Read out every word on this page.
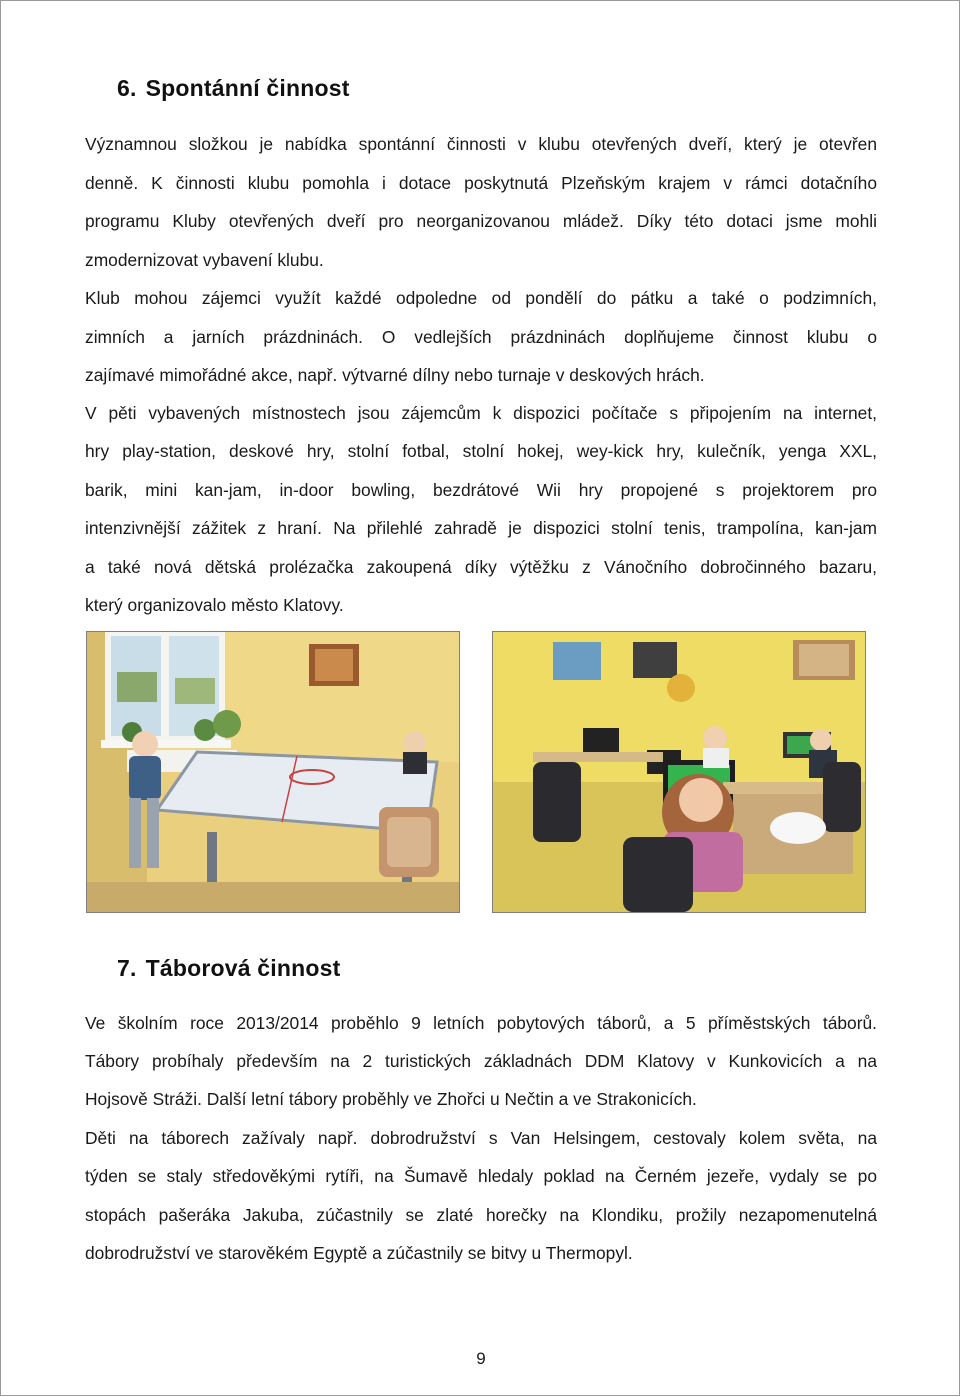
6. Spontánní činnost
Významnou složkou je nabídka spontánní činnosti v klubu otevřených dveří, který je otevřen
denně. K činnosti klubu pomohla i dotace poskytnutá Plzeňským krajem v rámci dotačního
programu Kluby otevřených dveří pro neorganizovanou mládež. Díky této dotaci jsme mohli
zmodernizovat vybavení klubu.
Klub mohou zájemci využít každé odpoledne od pondělí do pátku a také o podzimních,
zimních a jarních prázdninách. O vedlejších prázdninách doplňujeme činnost klubu o
zajímavé mimořádné akce, např. výtvarné dílny nebo turnaje v deskových hrách.
V pěti vybavených místnostech jsou zájemcům k dispozici počítače s připojením na internet,
hry play-station, deskové hry, stolní fotbal, stolní hokej, wey-kick hry, kulečník, yenga XXL,
barik, mini kan-jam, in-door bowling, bezdrátové Wii hry propojené s projektorem pro
intenzivnější zážitek z hraní. Na přilehlé zahradě je dispozici stolní tenis, trampolína, kan-jam
a také nová dětská prolézačka zakoupená díky výtěžku z Vánočního dobročinného bazaru,
který organizovalo město Klatovy.
7. Táborová činnost
Ve školním roce 2013/2014 proběhlo 9 letních pobytových táborů, a 5 příměstských táborů.
Tábory probíhaly především na 2 turistických základnách DDM Klatovy v Kunkovicích a na
Hojsově Stráži. Další letní tábory proběhly ve Zhořci u Nečtin a ve Strakonicích.
Děti na táborech zažívaly např. dobrodružství s Van Helsingem, cestovaly kolem světa, na
týden se staly středověkými rytíři, na Šumavě hledaly poklad na Černém jezeře, vydaly se po
stopách pašeráka Jakuba, zúčastnily se zlaté horečky na Klondiku, prožily nezapomenutelná
dobrodružství ve starověkém Egyptě a zúčastnily se bitvy u Thermopyl.
9
